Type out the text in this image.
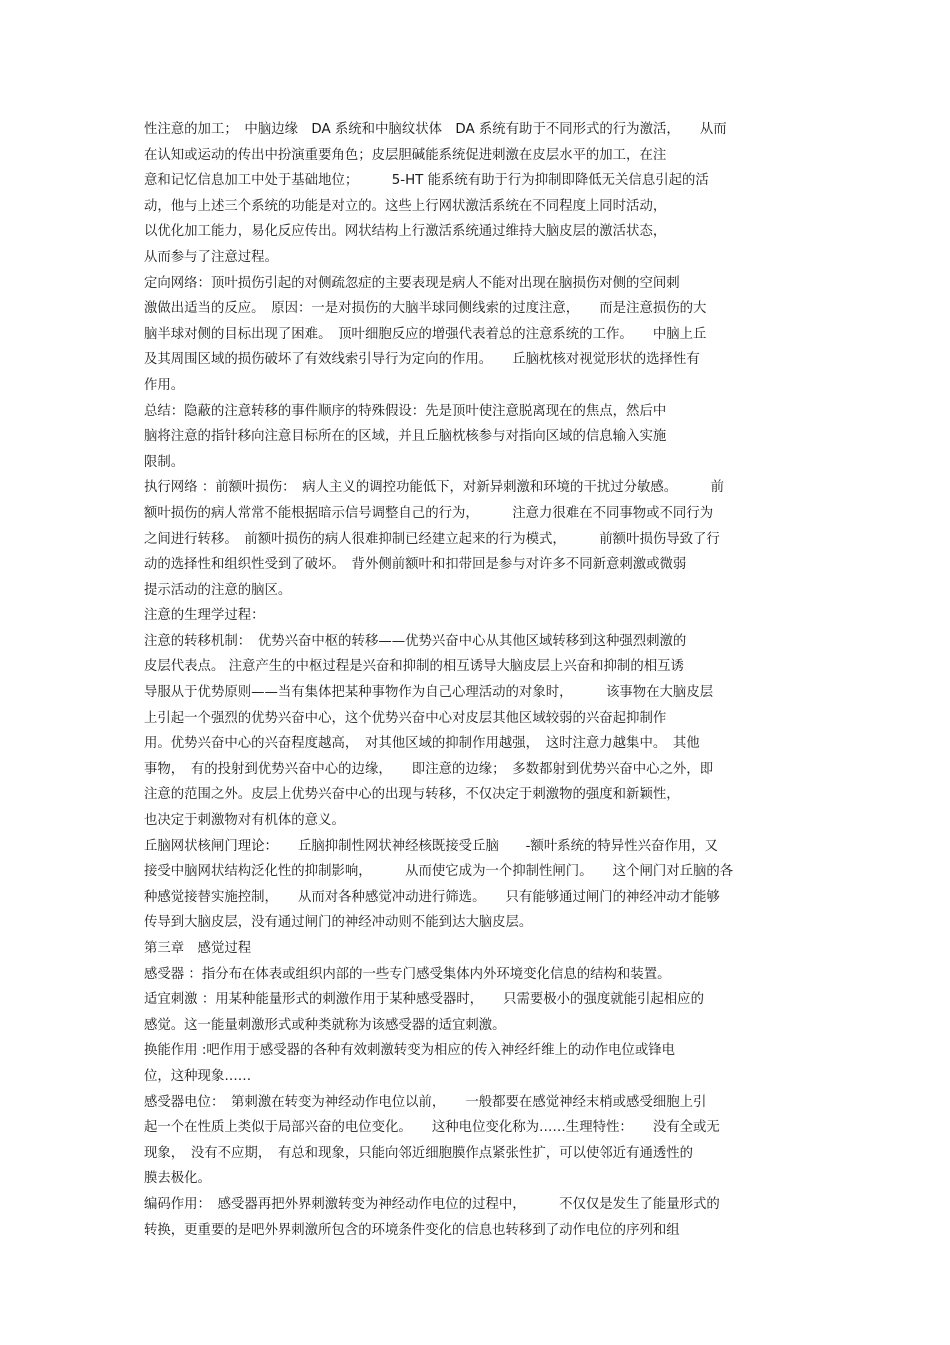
性注意的加工；　中脑边缘　DA 系统和中脑纹状体　DA 系统有助于不同形式的行为激活，　　从而
在认知或运动的传出中扮演重要角色；皮层胆碱能系统促进刺激在皮层水平的加工，在注
意和记忆信息加工中处于基础地位；　　　5-HT 能系统有助于行为抑制即降低无关信息引起的活
动，他与上述三个系统的功能是对立的。这些上行网状激活系统在不同程度上同时活动，
以优化加工能力，易化反应传出。网状结构上行激活系统通过维持大脑皮层的激活状态，
从而参与了注意过程。
定向网络：顶叶损伤引起的对侧疏忽症的主要表现是病人不能对出现在脑损伤对侧的空间刺
激做出适当的反应。　原因：一是对损伤的大脑半球同侧线索的过度注意，　　而是注意损伤的大
脑半球对侧的目标出现了困难。　顶叶细胞反应的增强代表着总的注意系统的工作。　　中脑上丘
及其周围区域的损伤破坏了有效线索引导行为定向的作用。　　丘脑枕核对视觉形状的选择性有
作用。
总结：隐蔽的注意转移的事件顺序的特殊假设：先是顶叶使注意脱离现在的焦点，然后中
脑将注意的指针移向注意目标所在的区域，并且丘脑枕核参与对指向区域的信息输入实施
限制。
执行网络 ：前额叶损伤：　病人主义的调控功能低下，对新异刺激和环境的干扰过分敏感。　　　前
额叶损伤的病人常常不能根据暗示信号调整自己的行为，　　　注意力很难在不同事物或不同行为
之间进行转移。　前额叶损伤的病人很难抑制已经建立起来的行为模式，　　　前额叶损伤导致了行
动的选择性和组织性受到了破坏。　背外侧前额叶和扣带回是参与对许多不同新意刺激或微弱
提示活动的注意的脑区。
注意的生理学过程：
注意的转移机制：　优势兴奋中枢的转移——优势兴奋中心从其他区域转移到这种强烈刺激的
皮层代表点。 注意产生的中枢过程是兴奋和抑制的相互诱导大脑皮层上兴奋和抑制的相互诱
导服从于优势原则——当有集体把某种事物作为自己心理活动的对象时，　　　该事物在大脑皮层
上引起一个强烈的优势兴奋中心，这个优势兴奋中心对皮层其他区域较弱的兴奋起抑制作
用。优势兴奋中心的兴奋程度越高，　对其他区域的抑制作用越强，　这时注意力越集中。　其他
事物，　有的投射到优势兴奋中心的边缘，　　即注意的边缘；　多数都射到优势兴奋中心之外，即
注意的范围之外。皮层上优势兴奋中心的出现与转移，不仅决定于刺激物的强度和新颖性，
也决定于刺激物对有机体的意义。
丘脑网状核闸门理论：　　丘脑抑制性网状神经核既接受丘脑　　-额叶系统的特异性兴奋作用，又
接受中脑网状结构泛化性的抑制影响，　　　从而使它成为一个抑制性闸门。　　这个闸门对丘脑的各
种感觉接替实施控制，　　从而对各种感觉冲动进行筛选。　　只有能够通过闸门的神经冲动才能够
传导到大脑皮层，没有通过闸门的神经冲动则不能到达大脑皮层。
第三章　感觉过程
感受器 ：指分布在体表或组织内部的一些专门感受集体内外环境变化信息的结构和装置。
适宜刺激 ：用某种能量形式的刺激作用于某种感受器时，　　只需要极小的强度就能引起相应的
感觉。这一能量刺激形式或种类就称为该感受器的适宜刺激。
换能作用 :吧作用于感受器的各种有效刺激转变为相应的传入神经纤维上的动作电位或锋电
位，这种现象……
感受器电位：　第刺激在转变为神经动作电位以前，　　一般都要在感觉神经末梢或感受细胞上引
起一个在性质上类似于局部兴奋的电位变化。　　这种电位变化称为……生理特性：　　没有全或无
现象，　没有不应期，　有总和现象，只能向邻近细胞膜作点紧张性扩，可以使邻近有通透性的
膜去极化。
编码作用：　感受器再把外界刺激转变为神经动作电位的过程中，　　　不仅仅是发生了能量形式的
转换，更重要的是吧外界刺激所包含的环境条件变化的信息也转移到了动作电位的序列和组
